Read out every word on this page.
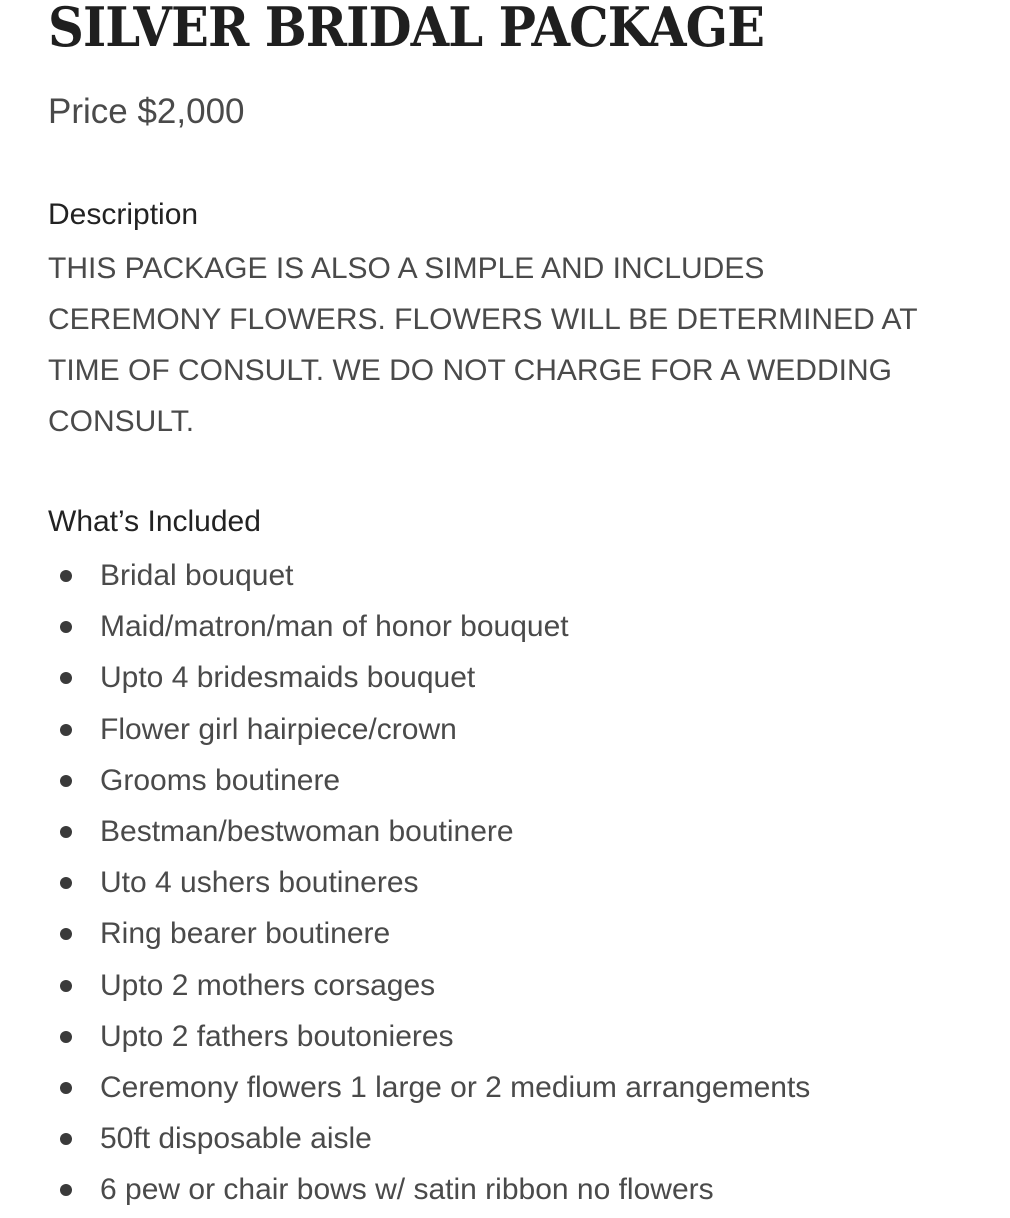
SILVER BRIDAL PACKAGE
Price $2,000
Description

THIS PACKAGE IS ALSO A SIMPLE AND INCLUDES
CEREMONY FLOWERS. FLOWERS WILL BE DETERMINED AT
TIME OF CONSULT. WE DO NOT CHARGE FOR A WEDDING
CONSULT.

What’s Included
Bridal bouquet
Maid/matron/man of honor bouquet
Upto 4 bridesmaids bouquet
Flower girl hairpiece/crown
Grooms boutinere
Bestman/bestwoman boutinere
Uto 4 ushers boutineres
Ring bearer boutinere
Upto 2 mothers corsages
Upto 2 fathers boutonieres
Ceremony flowers 1 large or 2 medium arrangements
50ft disposable aisle
6 pew or chair bows w/ satin ribbon no flowers
